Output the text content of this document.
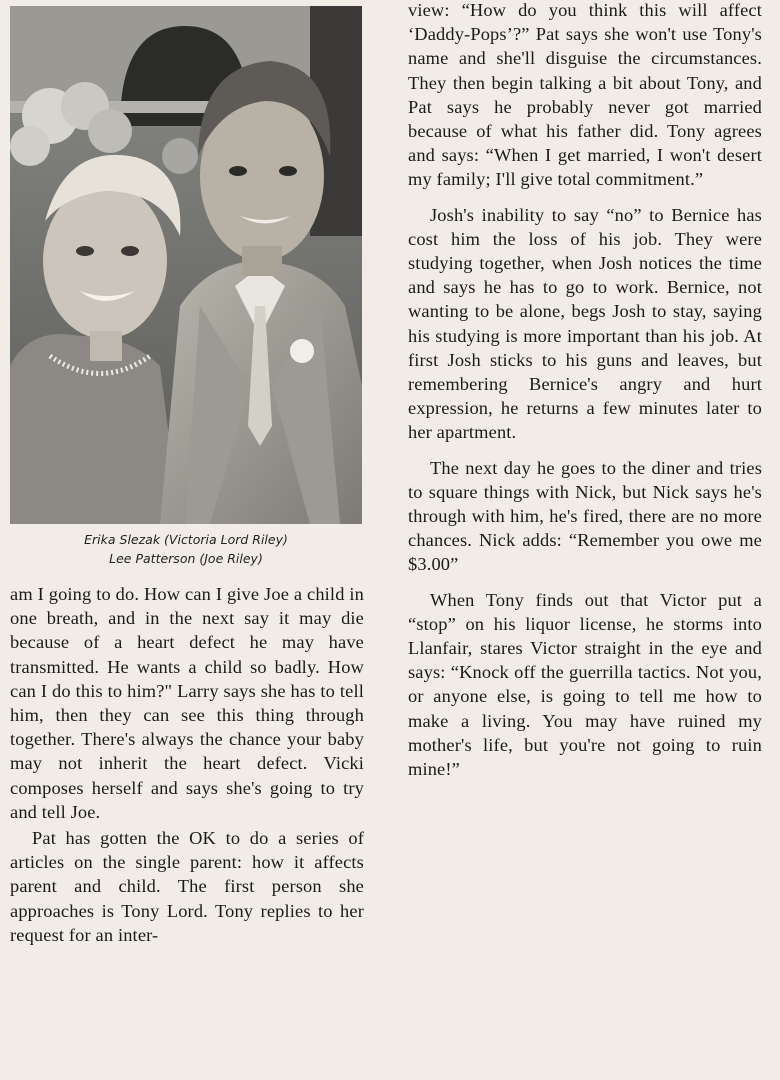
Erika Slezak (Victoria Lord Riley)
Lee Patterson (Joe Riley)

am I going to do. How can I give Joe a child in one breath, and in the next say it may die because of a heart defect he may have transmitted. He wants a child so badly. How can I do this to him?" Larry says she has to tell him, then they can see this thing through together. There's always the chance your baby may not inherit the heart defect. Vicki composes herself and says she's going to try and tell Joe.

Pat has gotten the OK to do a series of articles on the single parent: how it affects parent and child. The first person she approaches is Tony Lord. Tony replies to her request for an inter-

view: “How do you think this will affect ‘Daddy-Pops’?” Pat says she won't use Tony's name and she'll disguise the circumstances. They then begin talking a bit about Tony, and Pat says he probably never got married because of what his father did. Tony agrees and says: “When I get married, I won't desert my family; I'll give total commitment.”

Josh's inability to say “no” to Bernice has cost him the loss of his job. They were studying together, when Josh notices the time and says he has to go to work. Bernice, not wanting to be alone, begs Josh to stay, saying his studying is more important than his job. At first Josh sticks to his guns and leaves, but remembering Bernice's angry and hurt expression, he returns a few minutes later to her apartment.

The next day he goes to the diner and tries to square things with Nick, but Nick says he's through with him, he's fired, there are no more chances. Nick adds: “Remember you owe me $3.00”

When Tony finds out that Victor put a “stop” on his liquor license, he storms into Llanfair, stares Victor straight in the eye and says: “Knock off the guerrilla tactics. Not you, or anyone else, is going to tell me how to make a living. You may have ruined my mother's life, but you're not going to ruin mine!”
